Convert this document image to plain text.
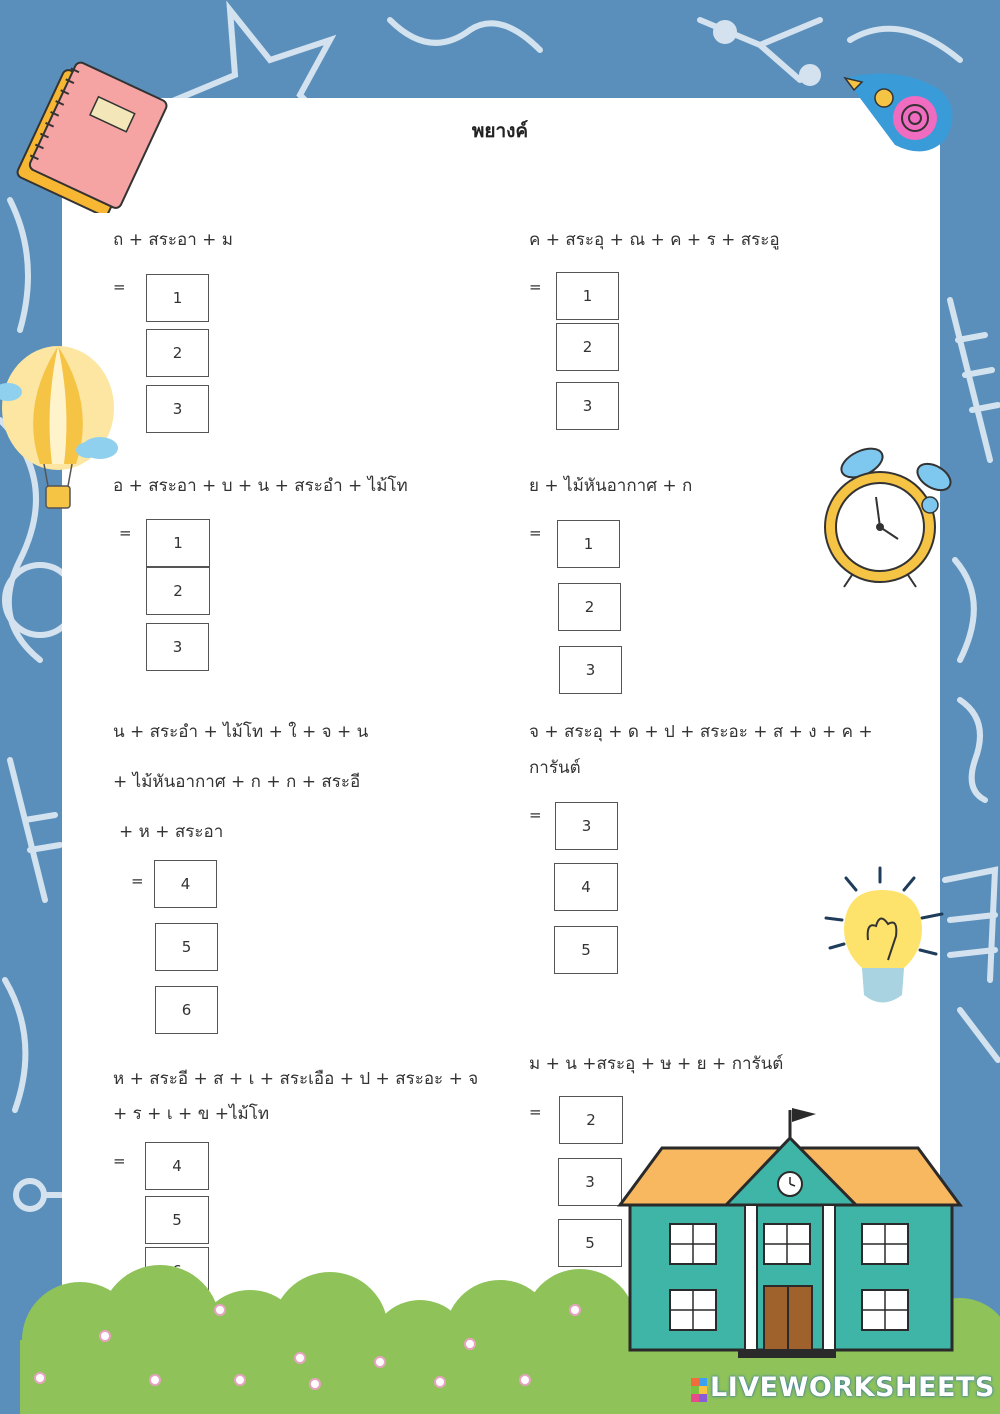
พยางค์
ถ + สระอา + ม
=
1
2
3
ค + สระอุ + ณ + ค + ร + สระอู
=	1
2
3
อ + สระอา + บ + น + สระอำ + ไม้โท
=
1
2
3
ย + ไม้หันอากาศ + ก
=
1
2
3
น + สระอำ + ไม้โท + ใ + จ + น
+ ไม้หันอากาศ + ก + ก + สระอี
+ ห + สระอา
=	4
5
6
จ + สระอุ + ด + ป + สระอะ + ส + ง + ค +
การันต์
=
3
4
5
ห + สระอี + ส + เ + สระเอือ + ป + สระอะ + จ
+ ร + เ + ข +ไม้โท
=	4
5
ม + น +สระอุ + ษ + ย + การันต์
=	2
3
5
LIVEWORKSHEETS
